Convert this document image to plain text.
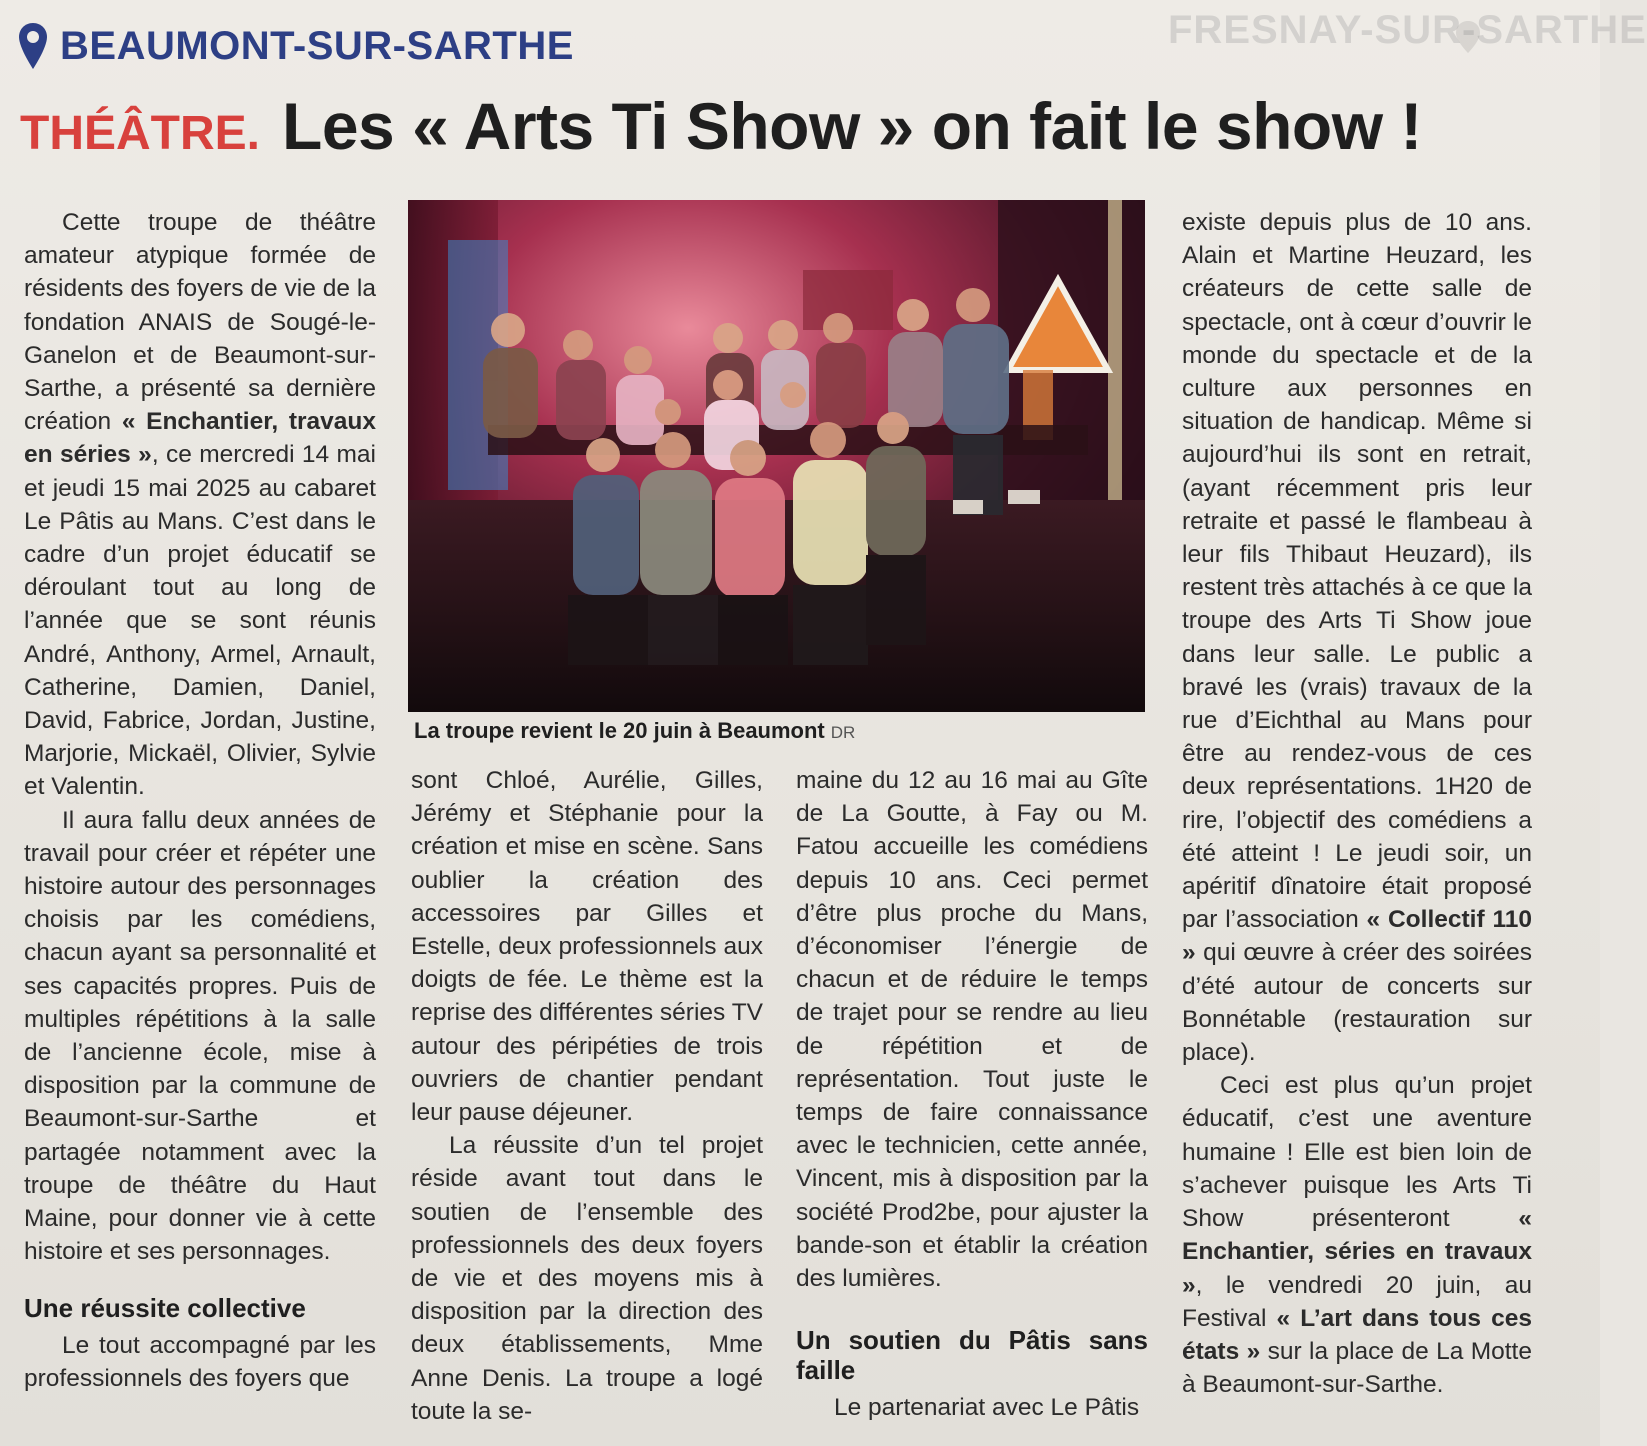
FRESNAY-SUR-SARTHE
BEAUMONT-SUR-SARTHE
THÉÂTRE. Les « Arts Ti Show » on fait le show !

Cette troupe de théâtre amateur atypique formée de résidents des foyers de vie de la fondation ANAIS de Sougé-le-Ganelon et de Beaumont-sur-Sarthe, a présenté sa dernière création « Enchantier, travaux en séries », ce mercredi 14 mai et jeudi 15 mai 2025 au cabaret Le Pâtis au Mans. C’est dans le cadre d’un projet éducatif se déroulant tout au long de l’année que se sont réunis André, Anthony, Armel, Arnault, Catherine, Damien, Daniel, David, Fabrice, Jordan, Justine, Marjorie, Mickaël, Olivier, Sylvie et Valentin.

Il aura fallu deux années de travail pour créer et répéter une histoire autour des personnages choisis par les comédiens, chacun ayant sa personnalité et ses capacités propres. Puis de multiples répétitions à la salle de l’ancienne école, mise à disposition par la commune de Beaumont-sur-Sarthe et partagée notamment avec la troupe de théâtre du Haut Maine, pour donner vie à cette histoire et ses personnages.

Une réussite collective

Le tout accompagné par les professionnels des foyers que

La troupe revient le 20 juin à Beaumont DR

sont Chloé, Aurélie, Gilles, Jérémy et Stéphanie pour la création et mise en scène. Sans oublier la création des accessoires par Gilles et Estelle, deux professionnels aux doigts de fée. Le thème est la reprise des différentes séries TV autour des péripéties de trois ouvriers de chantier pendant leur pause déjeuner.

La réussite d’un tel projet réside avant tout dans le soutien de l’ensemble des professionnels des deux foyers de vie et des moyens mis à disposition par la direction des deux établissements, Mme Anne Denis. La troupe a logé toute la se-

maine du 12 au 16 mai au Gîte de La Goutte, à Fay ou M. Fatou accueille les comédiens depuis 10 ans. Ceci permet d’être plus proche du Mans, d’économiser l’énergie de chacun et de réduire le temps de trajet pour se rendre au lieu de répétition et de représentation. Tout juste le temps de faire connaissance avec le technicien, cette année, Vincent, mis à disposition par la société Prod2be, pour ajuster la bande-son et établir la création des lumières.

Un soutien du Pâtis sans faille

Le partenariat avec Le Pâtis

existe depuis plus de 10 ans. Alain et Martine Heuzard, les créateurs de cette salle de spectacle, ont à cœur d’ouvrir le monde du spectacle et de la culture aux personnes en situation de handicap. Même si aujourd’hui ils sont en retrait, (ayant récemment pris leur retraite et passé le flambeau à leur fils Thibaut Heuzard), ils restent très attachés à ce que la troupe des Arts Ti Show joue dans leur salle. Le public a bravé les (vrais) travaux de la rue d’Eichthal au Mans pour être au rendez-vous de ces deux représentations. 1H20 de rire, l’objectif des comédiens a été atteint ! Le jeudi soir, un apéritif dînatoire était proposé par l’association « Collectif 110 » qui œuvre à créer des soirées d’été autour de concerts sur Bonnétable (restauration sur place).

Ceci est plus qu’un projet éducatif, c’est une aventure humaine ! Elle est bien loin de s’achever puisque les Arts Ti Show présenteront « Enchantier, séries en travaux », le vendredi 20 juin, au Festival « L’art dans tous ces états » sur la place de La Motte à Beaumont-sur-Sarthe.
